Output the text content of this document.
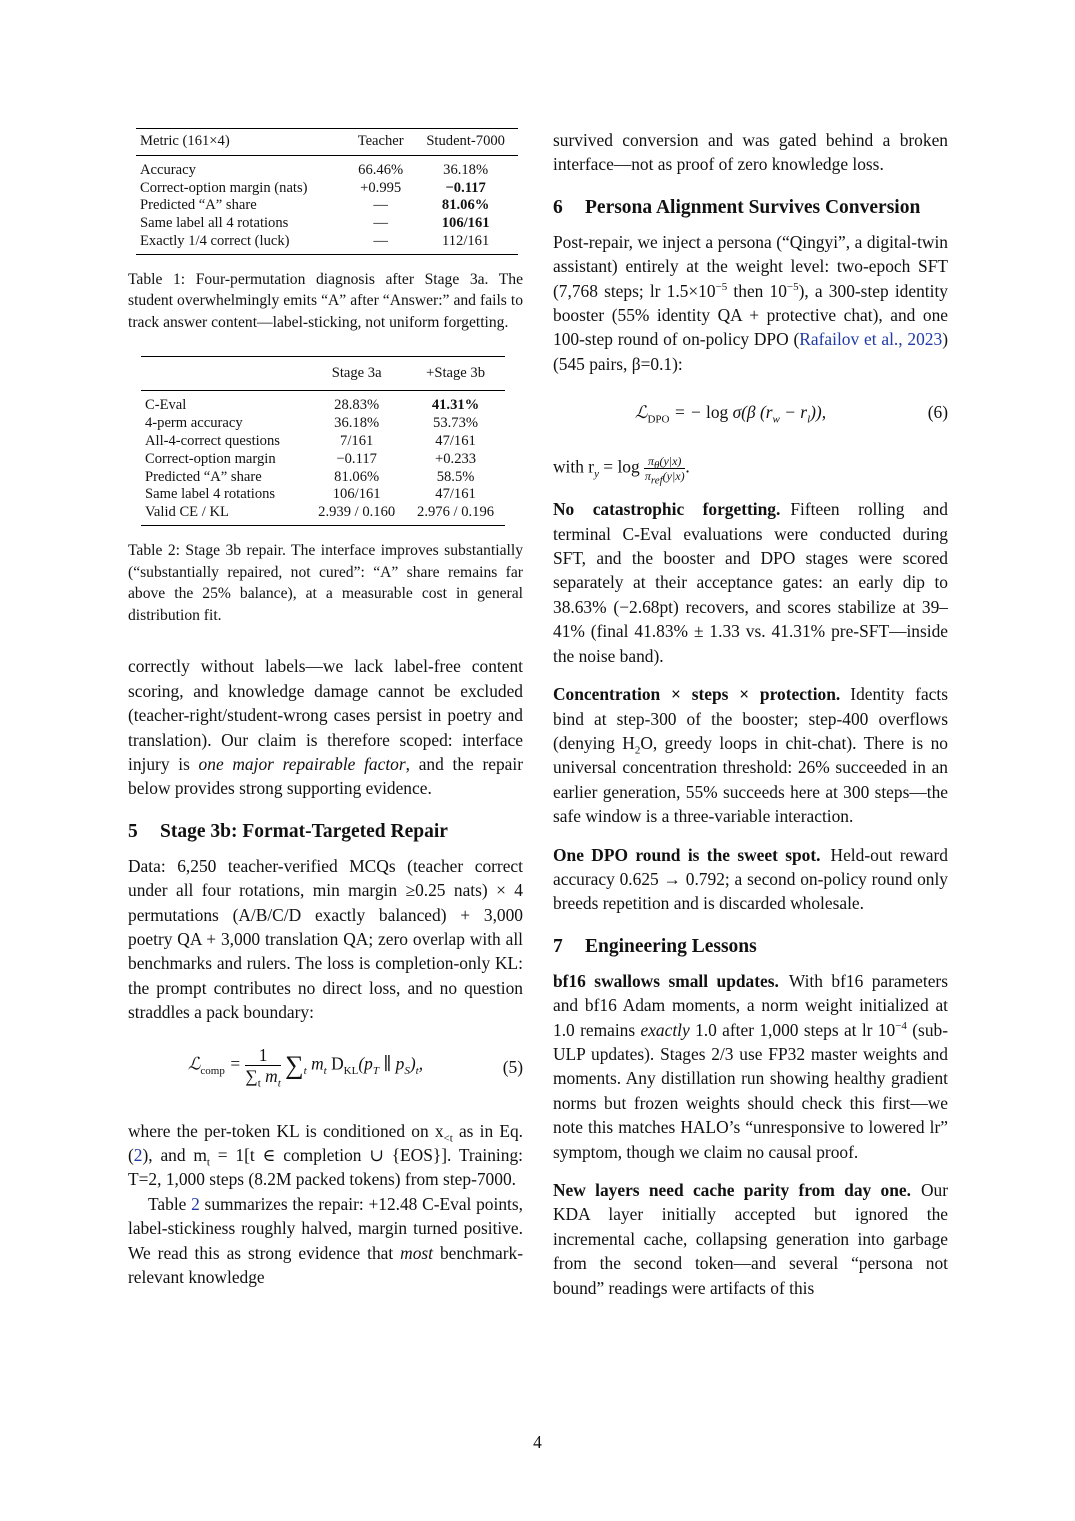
Metric (161×4)	Teacher	Student-7000
Accuracy	66.46%	36.18%
Correct-option margin (nats)	+0.995	−0.117
Predicted “A” share	—	81.06%
Same label all 4 rotations	—	106/161
Exactly 1/4 correct (luck)	—	112/161
Table 1: Four-permutation diagnosis after Stage 3a. The student overwhelmingly emits “A” after “Answer:” and fails to track answer content—label-sticking, not uniform forgetting.
	Stage 3a	+Stage 3b
C-Eval	28.83%	41.31%
4-perm accuracy	36.18%	53.73%
All-4-correct questions	7/161	47/161
Correct-option margin	−0.117	+0.233
Predicted “A” share	81.06%	58.5%
Same label 4 rotations	106/161	47/161
Valid CE / KL	2.939 / 0.160	2.976 / 0.196
Table 2: Stage 3b repair. The interface improves substantially (“substantially repaired, not cured”: “A” share remains far above the 25% balance), at a measurable cost in general distribution fit.

correctly without labels—we lack label-free content scoring, and knowledge damage cannot be excluded (teacher-right/student-wrong cases persist in poetry and translation). Our claim is therefore scoped: interface injury is one major repairable factor, and the repair below provides strong supporting evidence.

5	Stage 3b: Format-Targeted Repair

Data: 6,250 teacher-verified MCQs (teacher correct under all four rotations, min margin ≥0.25 nats) × 4 permutations (A/B/C/D exactly balanced) + 3,000 poetry QA + 3,000 translation QA; zero overlap with all benchmarks and rulers. The loss is completion-only KL: the prompt contributes no direct loss, and no question straddles a pack boundary:

ℒ$_{comp}$ = $\frac{1}{\sum_t m_t} \sum_t$ $m_t$ $D_{KL}(p_T$ ∥ $p_S)_t$,	(5)

where the per-token KL is conditioned on $x_{<t}$ as in Eq. (2), and $m_t = 1[t$ ∈ completion ∪ {EOS}]. Training: T=2, 1,000 steps (8.2M packed tokens) from step-7000.

Table 2 summarizes the repair: +12.48 C-Eval points, label-stickiness roughly halved, margin turned positive. We read this as strong evidence that most benchmark-relevant knowledge

survived conversion and was gated behind a broken interface—not as proof of zero knowledge loss.

6	Persona Alignment Survives Conversion

Post-repair, we inject a persona (“Qingyi”, a digital-twin assistant) entirely at the weight level: two-epoch SFT (7,768 steps; lr $1.5\times 10^{-5}$ then $10^{-5}$), a 300-step identity booster (55% identity QA + protective chat), and one 100-step round of on-policy DPO (Rafailov et al., 2023) (545 pairs, β=0.1):

ℒ$_{DPO}$ = − log σ(β $(r_w - r_l)$),	(6)

with $r_y = \log \frac{\pi_\theta(y|x)}{\pi_{ref}(y|x)}$ .

No catastrophic forgetting. Fifteen rolling and terminal C-Eval evaluations were conducted during SFT, and the booster and DPO stages were scored separately at their acceptance gates: an early dip to 38.63% (−2.68pt) recovers, and scores stabilize at 39–41% (final 41.83% ± 1.33 vs. 41.31% pre-SFT—inside the noise band).

Concentration × steps × protection. Identity facts bind at step-300 of the booster; step-400 overflows (denying $H_2O$, greedy loops in chit-chat). There is no universal concentration threshold: 26% succeeded in an earlier generation, 55% succeeds here at 300 steps—the safe window is a three-variable interaction.

One DPO round is the sweet spot. Held-out reward accuracy 0.625 → 0.792; a second on-policy round only breeds repetition and is discarded wholesale.

7	Engineering Lessons

bf16 swallows small updates. With bf16 parameters and bf16 Adam moments, a norm weight initialized at 1.0 remains exactly 1.0 after 1,000 steps at lr $10^{-4}$ (sub-ULP updates). Stages 2/3 use FP32 master weights and moments. Any distillation run showing healthy gradient norms but frozen weights should check this first—we note this matches HALO’s “unresponsive to lowered lr” symptom, though we claim no causal proof.

New layers need cache parity from day one. Our KDA layer initially accepted but ignored the incremental cache, collapsing generation into garbage from the second token—and several “persona not bound” readings were artifacts of this

4
